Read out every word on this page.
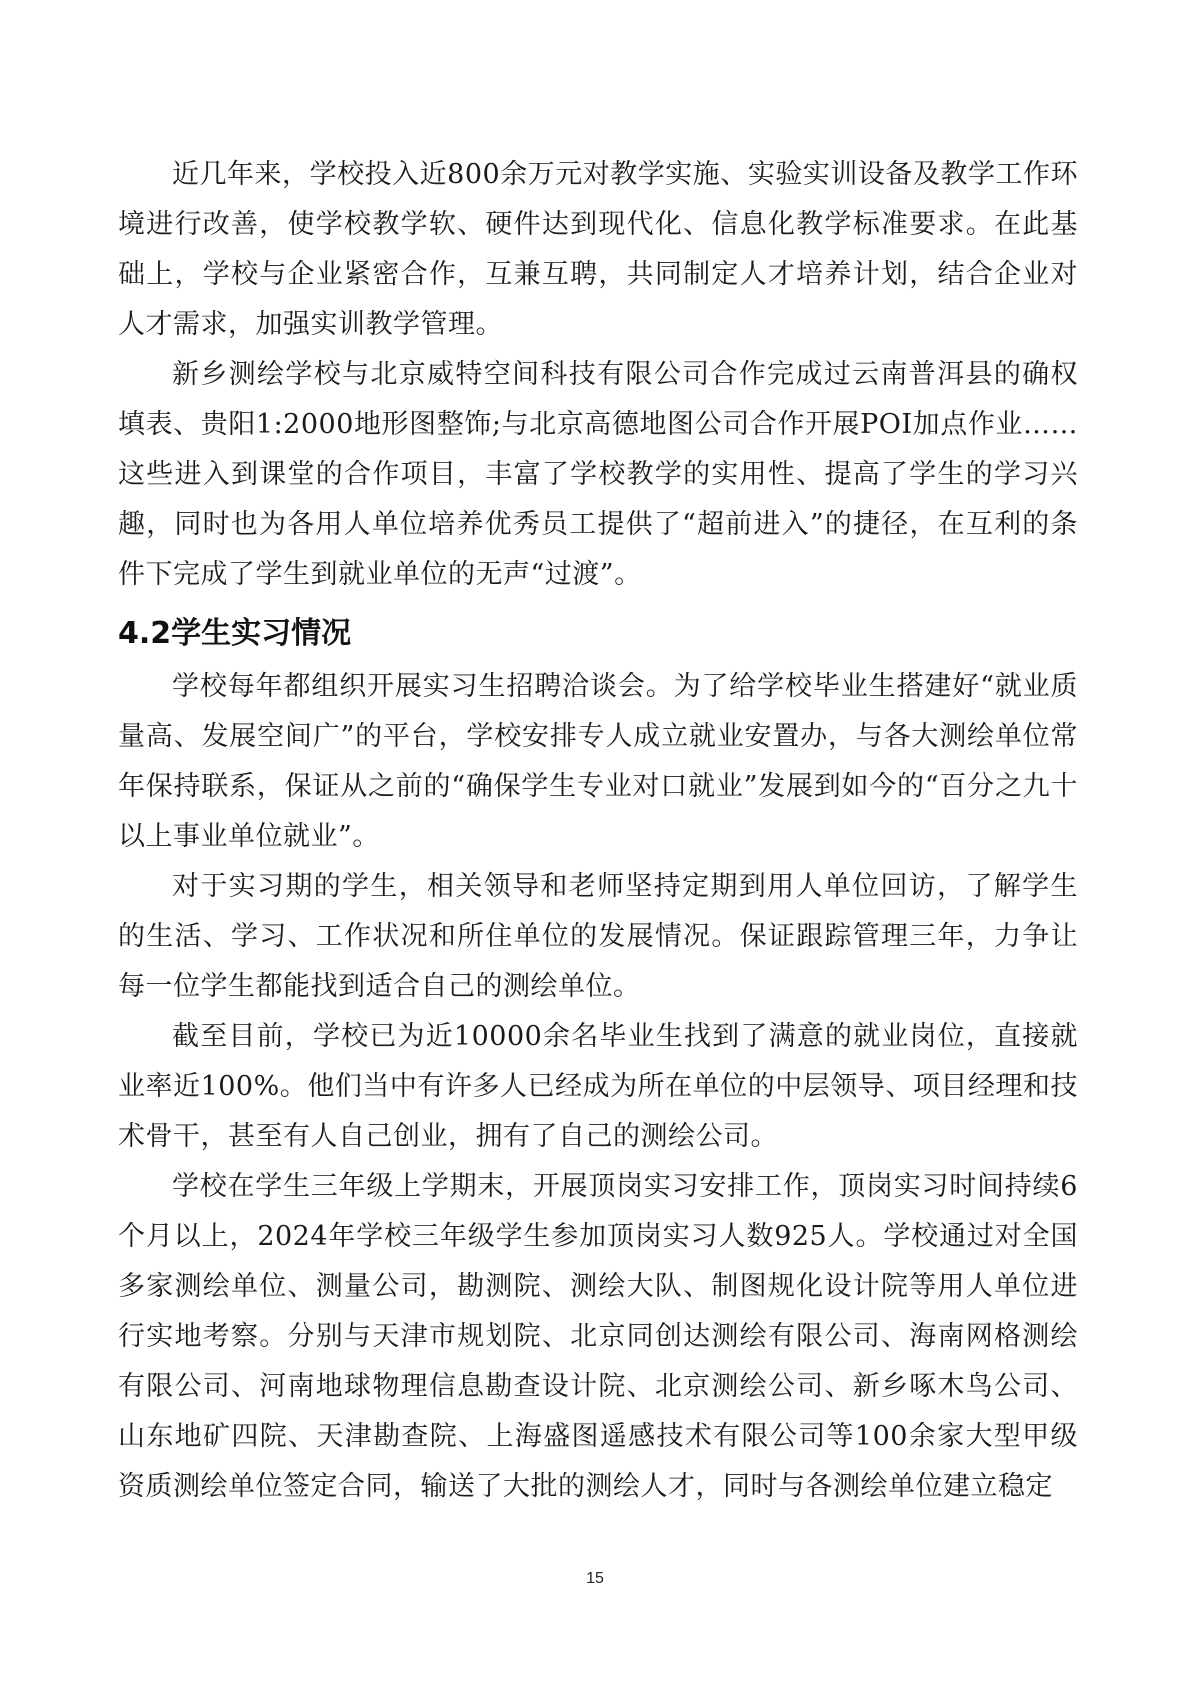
近几年来，学校投入近800余万元对教学实施、实验实训设备及教学工作环境进行改善，使学校教学软、硬件达到现代化、信息化教学标准要求。在此基础上，学校与企业紧密合作，互兼互聘，共同制定人才培养计划，结合企业对人才需求，加强实训教学管理。

新乡测绘学校与北京威特空间科技有限公司合作完成过云南普洱县的确权填表、贵阳1:2000地形图整饰;与北京高德地图公司合作开展POI加点作业……这些进入到课堂的合作项目，丰富了学校教学的实用性、提高了学生的学习兴趣，同时也为各用人单位培养优秀员工提供了“超前进入”的捷径，在互利的条件下完成了学生到就业单位的无声“过渡”。

4.2学生实习情况

学校每年都组织开展实习生招聘洽谈会。为了给学校毕业生搭建好“就业质量高、发展空间广”的平台，学校安排专人成立就业安置办，与各大测绘单位常年保持联系，保证从之前的“确保学生专业对口就业”发展到如今的“百分之九十以上事业单位就业”。

对于实习期的学生，相关领导和老师坚持定期到用人单位回访，了解学生的生活、学习、工作状况和所住单位的发展情况。保证跟踪管理三年，力争让每一位学生都能找到适合自己的测绘单位。

截至目前，学校已为近10000余名毕业生找到了满意的就业岗位，直接就业率近100%。他们当中有许多人已经成为所在单位的中层领导、项目经理和技术骨干，甚至有人自己创业，拥有了自己的测绘公司。

学校在学生三年级上学期末，开展顶岗实习安排工作，顶岗实习时间持续6个月以上，2024年学校三年级学生参加顶岗实习人数925人。学校通过对全国多家测绘单位、测量公司，勘测院、测绘大队、制图规化设计院等用人单位进行实地考察。分别与天津市规划院、北京同创达测绘有限公司、海南网格测绘有限公司、河南地球物理信息勘查设计院、北京测绘公司、新乡啄木鸟公司、山东地矿四院、天津勘查院、上海盛图遥感技术有限公司等100余家大型甲级资质测绘单位签定合同，输送了大批的测绘人才，同时与各测绘单位建立稳定

15
